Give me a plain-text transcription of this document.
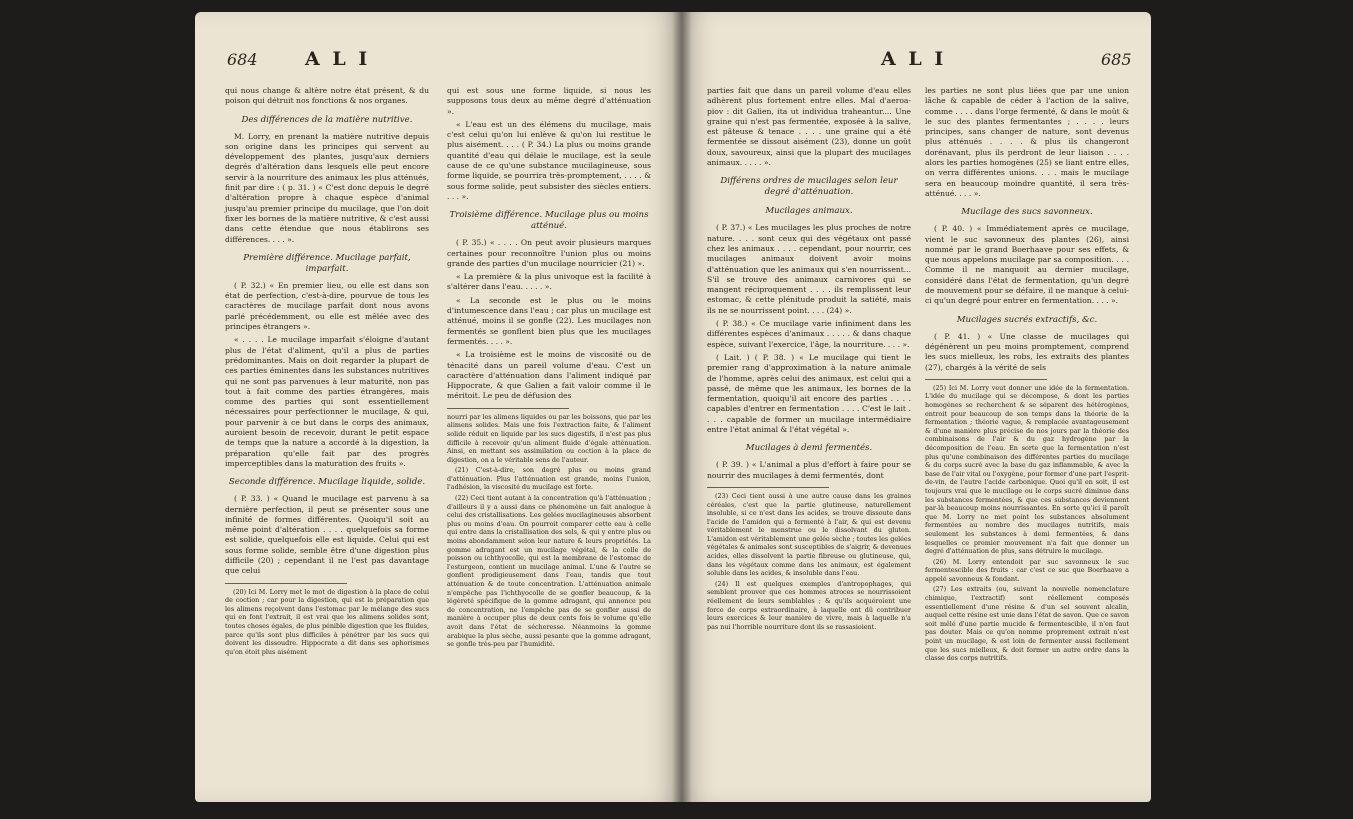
684 A L I

qui nous change & altère notre état présent, & du poison qui détruit nos fonctions & nos organes.

Des différences de la matière nutritive.

M. Lorry, en prenant la matière nutritive depuis son origine dans les principes qui servent au développement des plantes, jusqu'aux derniers degrés d'altération dans lesquels elle peut encore servir à la nourriture des animaux les plus atténués, finit par dire : ( p. 31. ) « C'est donc depuis le degré d'altération propre à chaque espèce d'animal jusqu'au premier principe du mucilage, que l'on doit fixer les bornes de la matière nutritive, & c'est aussi dans cette étendue que nous établirons ses différences. . . . ».

Première différence. Mucilage parfait, imparfait.

( P. 32.) « En premier lieu, ou elle est dans son état de perfection, c'est-à-dire, pourvue de tous les caractères de mucilage parfait dont nous avons parlé précédemment, ou elle est mêlée avec des principes étrangers ».

« . . . . Le mucilage imparfait s'éloigne d'autant plus de l'état d'aliment, qu'il a plus de parties prédominantes. Mais on doit regarder la plupart de ces parties éminentes dans les substances nutritives qui ne sont pas parvenues à leur maturité, non pas tout à fait comme des parties étrangères, mais comme des parties qui sont essentiellement nécessaires pour perfectionner le mucilage, & qui, pour parvenir à ce but dans le corps des animaux, auroient besoin de recevoir, durant le petit espace de temps que la nature a accordé à la digestion, la préparation qu'elle fait par des progrès imperceptibles dans la maturation des fruits ».

Seconde différence. Mucilage liquide, solide.

( P. 33. ) « Quand le mucilage est parvenu à sa dernière perfection, il peut se présenter sous une infinité de formes différentes. Quoiqu'il soit au même point d'altération . . . . quelquefois sa forme est solide, quelquefois elle est liquide. Celui qui est sous forme solide, semble être d'une digestion plus difficile (20) ; cependant il ne l'est pas davantage que celui

(20) Ici M. Lorry met le mot de digestion à la place de celui de coction ; car pour la digestion, qui est la préparation que les alimens reçoivent dans l'estomac par le mélange des sucs qui en font l'extrait, il est vrai que les alimens solides sont, toutes choses égales, de plus pénible digestion que les fluides, parce qu'ils sont plus difficiles à pénétrer par les sucs qui doivent les dissoudre. Hippocrate a dit dans ses aphorismes qu'on étoit plus aisément

qui est sous une forme liquide, si nous les supposons tous deux au même degré d'atténuation ».

« L'eau est un des élémens du mucilage, mais c'est celui qu'on lui enlève & qu'on lui restitue le plus aisément. . . . ( P. 34.) La plus ou moins grande quantité d'eau qui délaie le mucilage, est la seule cause de ce qu'une substance mucilagineuse, sous forme liquide, se pourrira très-promptement, . . . . & sous forme solide, peut subsister des siècles entiers. . . . ».

Troisième différence. Mucilage plus ou moins atténué.

( P. 35.) « . . . . On peut avoir plusieurs marques certaines pour reconnoître l'union plus ou moins grande des parties d'un mucilage nourricier (21) ».

« La première & la plus univoque est la facilité à s'altérer dans l'eau. . . . . ».

« La seconde est le plus ou le moins d'intumescence dans l'eau ; car plus un mucilage est atténué, moins il se gonfle (22). Les mucilages non fermentés se gonflent bien plus que les mucilages fermentés. . . . ».

« La troisième est le moins de viscosité ou de ténacité dans un pareil volume d'eau. C'est un caractère d'atténuation dans l'aliment indiqué par Hippocrate, & que Galien a fait valoir comme il le méritoit. Le peu de défusion des

nourri par les alimens liquides ou par les boissons, que par les alimens solides. Mais une fois l'extraction faite, & l'aliment solide réduit en liquide par les sucs digestifs, il n'est pas plus difficile à recevoir qu'un aliment fluide d'égale atténuation. Ainsi, en mettant ses assimilation ou coction à la place de digestion, on a le véritable sens de l'auteur.

(21) C'est-à-dire, son degré plus ou moins grand d'atténuation. Plus l'atténuation est grande, moins l'union, l'adhésion, la viscosité du mucilage est forte.

(22) Ceci tient autant à la concentration qu'à l'atténuation ; d'ailleurs il y a aussi dans ce phénomène un fait analogue à celui des cristallisations. Les gelées mucilagineuses absorbent plus ou moins d'eau. On pourroit comparer cette eau à celle qui entre dans la cristallisation des sels, & qui y entre plus ou moins abondamment selon leur nature & leurs propriétés. La gomme adragant est un mucilage végétal, & la colle de poisson ou ichthyocolle, qui est la membrane de l'estomac de l'esturgeon, contient un mucilage animal. L'une & l'autre se gonflent prodigieusement dans l'eau, tandis que tout atténuation & de toute concentration. L'atténuation animale n'empêche pas l'ichthyocolle de se gonfler beaucoup, & la légèreté spécifique de la gomme adragant, qui annonce peu de concentration, ne l'empêche pas de se gonfler aussi de manière à occuper plus de deux cents fois le volume qu'elle avoit dans l'état de sécheresse. Néanmoins la gomme arabique la plus sèche, aussi pesante que la gomme adragant, se gonfle très-peu par l'humidité.

A L I	685

parties fait que dans un pareil volume d'eau elles adhèrent plus fortement entre elles. Mal d'aeroa-piov : dit Galien, ita ut individua traheantur.... Une graine qui n'est pas fermentée, exposée à la salive, est pâteuse & tenace . . . . une graine qui a été fermentée se dissout aisément (23), donne un goût doux, savoureux, ainsi que la plupart des mucilages animaux. . . . . ».

Différens ordres de mucilages selon leur degré d'atténuation.
Mucilages animaux.

( P. 37.) « Les mucilages les plus proches de notre nature. . . . sont ceux qui des végétaux ont passé chez les animaux . . . . cependant, pour nourrir, ces mucilages animaux doivent avoir moins d'atténuation que les animaux qui s'en nourrissent... S'il se trouve des animaux carnivores qui se mangent réciproquement . . . . ils remplissent leur estomac, & cette plénitude produit la satiété, mais ils ne se nourrissent point. . . . (24) ».

( P. 38.) « Ce mucilage varie infiniment dans les différentes espèces d'animaux . . . . . & dans chaque espèce, suivant l'exercice, l'âge, la nourriture. . . . ».

( Lait. ) ( P. 38. ) « Le mucilage qui tient le premier rang d'approximation à la nature animale de l'homme, après celui des animaux, est celui qui a passé, de même que les animaux, les bornes de la fermentation, quoiqu'il ait encore des parties . . . . capables d'entrer en fermentation . . . . C'est le lait . . . . capable de former un mucilage intermédiaire entre l'état animal & l'état végétal ».

Mucilages à demi fermentés.

( P. 39. ) « L'animal a plus d'effort à faire pour se nourrir des mucilages à demi fermentés, dont

(23) Ceci tient aussi à une autre cause dans les graines céréales, c'est que la partie glutineuse, naturellement insoluble, si ce n'est dans les acides, se trouve dissoute dans l'acide de l'amidon qui a fermenté à l'air, & qui est devenu véritablement le menstrue ou le dissolvant du gluten. L'amidon est véritablement une gelée sèche ; toutes les gelées végétales & animales sont susceptibles de s'aigrir, & devenues acides, elles dissolvent la partie fibreuse ou glutineuse, qui, dans les végétaux comme dans les animaux, est également soluble dans les acides, & insoluble dans l'eau.

(24) Il est quelques exemples d'antropophages, qui semblent prouver que ces hommes atroces se nourrissoient réellement de leurs semblables ; & qu'ils acquéroient une force de corps extraordinaire, à laquelle ont dû contribuer leurs exercices & leur manière de vivre, mais à laquelle n'a pas nui l'horrible nourriture dont ils se rassasioient.

les parties ne sont plus liées que par une union lâche & capable de céder à l'action de la salive, comme . . . . dans l'orge fermenté, & dans le moût & le suc des plantes fermentantes ; . . . . leurs principes, sans changer de nature, sont devenus plus atténués . . . . & plus ils changeront dorénavant, plus ils perdront de leur liaison . . . . alors les parties homogènes (25) se liant entre elles, on verra différentes unions. . . . mais le mucilage sera en beaucoup moindre quantité, il sera très-atténué. . . . ».

Mucilage des sucs savonneux.

( P. 40. ) « Immédiatement après ce mucilage, vient le suc savonneux des plantes (26), ainsi nommé par le grand Boerhaave pour ses effets, & que nous appelons mucilage par sa composition. . . . Comme il ne manquoit au dernier mucilage, considéré dans l'état de fermentation, qu'un degré de mouvement pour se défaire, il ne manque à celui-ci qu'un degré pour entrer en fermentation. . . . ».

Mucilages sucrés extractifs, &c.

( P. 41. ) « Une classe de mucilages qui dégénèrent un peu moins promptement, comprend les sucs mielleux, les robs, les extraits des plantes (27), chargés à la vérité de sels

(25) Ici M. Lorry veut donner une idée de la fermentation. L'idée du mucilage qui se décompose, & dont les parties homogènes se recherchent & se séparent des hétérogènes, entroit pour beaucoup de son temps dans la théorie de la fermentation ; théorie vague, & remplacée avantageusement & d'une manière plus précise de nos jours par la théorie des combinaisons de l'air & du gaz hydrogène par la décomposition de l'eau. En sorte que la fermentation n'est plus qu'une combinaison des différentes parties du mucilage & du corps sucré avec la base du gaz inflammable, & avec la base de l'air vital ou l'oxygène, pour former d'une part l'esprit-de-vin, de l'autre l'acide carbonique. Quoi qu'il en soit, il est toujours vrai que le mucilage ou le corps sucré diminue dans les substances fermentées, & que ces substances deviennent par-là beaucoup moins nourrissantes. En sorte qu'ici il paroît que M. Lorry ne met point les substances absolument fermentées au nombre des mucilages nutritifs, mais seulement les substances à demi fermentées, & dans lesquelles ce premier mouvement n'a fait que donner un degré d'atténuation de plus, sans détruire le mucilage.

(26) M. Lorry entendoit par suc savonneux le suc fermentescible des fruits : car c'est ce suc que Boerhaave a appelé savonneux & fondant.

(27) Les extraits (ou, suivant la nouvelle nomenclature chimique, l'extractif) sont réellement composés essentiellement d'une résine & d'un sel souvent alcalin, auquel cette résine est unie dans l'état de savon. Que ce savon soit mêlé d'une partie mucide & fermentescible, il n'en faut pas douter. Mais ce qu'on nomme proprement extrait n'est point un mucilage, & est loin de fermenter aussi facilement que les sucs mielleux, & doit former un autre ordre dans la classe des corps nutritifs.
